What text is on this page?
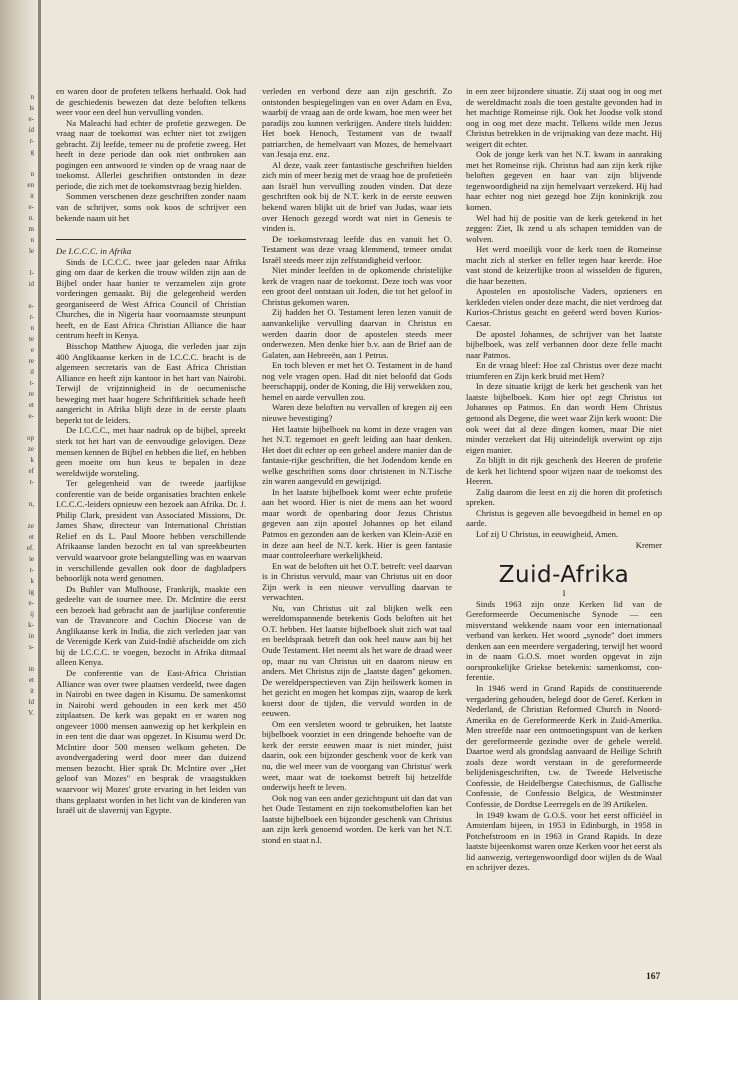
n
ls
e-
id
r-
g

n
en
it
e-
n.
m
n
le

l-
id

e-
r-
n
te
e
re
il
t-
re
et
e-

op
ze
k
ef
r-

n,

ze
et
ef.
ie
r-
k
ig
e-
ij
k-
in
s-

in
et
it
ld
V.

en waren door de profeten telkens herhaald. Ook had de geschiedenis bewezen dat deze beloften telkens weer voor een deel hun vervulling vonden.

Na Maleachi had echter de profetie gezwegen. De vraag naar de toekomst was echter niet tot zwijgen gebracht. Zij leefde, temeer nu de profetie zweeg. Het heeft in deze periode dan ook niet ontbroken aan pogingen een antwoord te vinden op de vraag naar de toekomst. Allerlei geschriften ontstonden in deze periode, die zich met de toekomstvraag bezig hielden.

Sommen verschenen deze geschriften zonder naam van de schrijver, soms ook koos de schrijver een bekende naam uit het

De I.C.C.C. in Afrika

Sinds de I.C.C.C. twee jaar geleden naar Afrika ging om daar de kerken die trouw wilden zijn aan de Bijbel onder haar banier te verzamelen zijn grote vorderingen gemaakt. Bij die gelegenheid werden georganiseerd de West Africa Council of Christian Churches, die in Nigeria haar voornaamste steunpunt heeft, en de East Africa Christian Alliance die haar centrum heeft in Kenya.

Bisschop Matthew Ajuoga, die verleden jaar zijn 400 Anglikaanse kerken in de I.C.C.C. bracht is de algemeen secretaris van de East Africa Christian Alliance en heeft zijn kantoor in het hart van Nairobi. Terwijl de vrijzinnigheid in de oecumenische beweging met haar hogere Schriftkritiek schade heeft aangericht in Afrika blijft deze in de eerste plaats beperkt tot de leiders.

De I.C.C.C., met haar nadruk op de bijbel, spreekt sterk tot het hart van de eenvoudige gelovigen. Deze mensen kennen de Bijbel en hebben die lief, en hebben geen moeite om hun keus te bepalen in deze wereldwijde worsteling.

Ter gelegenheid van de tweede jaarlijkse conferentie van de beide organisaties brachten enkele I.C.C.C.-leiders opnieuw een bezoek aan Afrika. Dr. J. Philip Clark, president van Associated Missions, Dr. James Shaw, directeur van International Christian Relief en ds L. Paul Moore hebben verschillende Afrikaanse landen bezocht en tal van spreekbeurten vervuld waarvoor grote belangstelling was en waarvan in verschillende gevallen ook door de dagbladpers behoorlijk nota werd genomen.

Ds Buhler van Mulhouse, Frankrijk, maakte een gedeelte van de tournee mee. Dr. McIntire die eerst een bezoek had gebracht aan de jaarlijkse conferentie van de Travancore and Cochin Diocese van de Anglikaanse kerk in India, die zich verleden jaar van de Verenigde Kerk van Zuid-Indië afscheidde om zich bij de I.C.C.C. te voegen, bezocht in Afrika ditmaal alleen Kenya.

De conferentie van de East-Africa Christian Alliance was over twee plaatsen verdeeld, twee dagen in Nairobi en twee dagen in Kisumu. De samenkomst in Nairobi werd gehouden in een kerk met 450 zitplaatsen. De kerk was gepakt en er waren nog ongeveer 1000 mensen aanwezig op het kerkplein en in een tent die daar was opgezet. In Kisumu werd Dr. McIntire door 500 mensen welkom geheten. De avondvergadering werd door meer dan duizend mensen bezocht. Hier sprak Dr. McIntire over „Het geloof van Mozes" en besprak de vraagstukken waarvoor wij Mozes' grote ervaring in het leiden van thans geplaatst worden in het licht van de kinderen van Israël uit de slavernij van Egypte.

verleden en verbond deze aan zijn geschrift. Zo ontstonden bespiegelingen van en over Adam en Eva, waarbij de vraag aan de orde kwam, hoe men weer het paradijs zou kunnen verkrijgen. Andere titels luidden: Het boek Henoch, Testament van de twaalf patriarchen, de hemelvaart van Mozes, de hemelvaart van Jesaja enz. enz.

Al deze, vaak zeer fantastische geschriften hielden zich min of meer bezig met de vraag hoe de profetieën aan Israël hun vervulling zouden vinden. Dat deze geschriften ook bij de N.T. kerk in de eerste eeuwen bekend waren blijkt uit de brief van Judas, waar iets over Henoch gezegd wordt wat niet in Genesis te vinden is.

De toekomstvraag leefde dus en vanuit het O. Testament was deze vraag klemmend, temeer omdat Israël steeds meer zijn zelfstandigheid verloor.

Niet minder leefden in de opkomende christelijke kerk de vragen naar de toekomst. Deze toch was voor een groot deel ontstaan uit Joden, die tot het geloof in Christus gekomen waren.

Zij hadden het O. Testament leren lezen vanuit de aanvankelijke vervulling daarvan in Christus en werden daarin door de apostelen steeds meer onderwezen. Men denke hier b.v. aan de Brief aan de Galaten, aan Hebreeën, aan 1 Petrus.

En toch bleven er met het O. Testament in de hand nog vele vragen open. Had dit niet beloofd dat Gods heerschappij, onder de Koning, die Hij verwekken zou, hemel en aarde vervullen zou.

Waren deze beloften nu vervallen of kregen zij een nieuwe bevestiging?

Het laatste bijbelboek nu komt in deze vragen van het N.T. tegemoet en geeft leiding aan haar denken. Het doet dit echter op een geheel andere manier dan de fantasie-rijke geschriften, die het Jodendom kende en welke geschriften soms door christenen in N.T.ische zin waren aangevuld en gewijzigd.

In het laatste bijbelboek komt weer echte profetie aan het woord. Hier is niet de mens aan het woord maar wordt de openbaring door Jezus Christus gegeven aan zijn apostel Johannes op het eiland Patmos en gezonden aan de kerken van Klein-Azië en in deze aan heel de N.T. kerk. Hier is geen fantasie maar controleerbare werkelijkheid.

En wat de beloften uit het O.T. betreft: veel daarvan is in Christus vervuld, maar van Christus uit en door Zijn werk is een nieuwe vervulling daarvan te verwachten.

Nu, van Christus uit zal blijken welk een wereldomspannende betekenis Gods beloften uit het O.T. hebben. Het laatste bijbelboek sluit zich wat taal en beeldspraak betreft dan ook heel nauw aan bij het Oude Testament. Het neemt als het ware de draad weer op, maar nu van Christus uit en daarom nieuw en anders. Met Christus zijn de „laatste dagen" gekomen. De wereldperspectieven van Zijn heilswerk komen in het gezicht en mogen het kompas zijn, waarop de kerk koerst door de tijden, die vervuld worden in de eeuwen.

Om een versleten woord te gebruiken, het laatste bijbelboek voorziet in een dringende behoefte van de kerk der eerste eeuwen maar is niet minder, juist daarin, ook een bijzonder geschenk voor de kerk van nu, die wel meer van de voorgang van Christus' werk weet, maar wat de toekomst betreft bij hetzelfde onderwijs heeft te leven.

Ook nog van een ander gezichtspunt uit dan dat van het Oude Testament en zijn toekomstbeloften kan het laatste bijbelboek een bijzonder geschenk van Christus aan zijn kerk genoemd worden. De kerk van het N.T. stond en staat n.l.

in een zeer bijzondere situatie. Zij staat oog in oog met de wereldmacht zoals die toen gestalte gevonden had in het machtige Romeinse rijk. Ook het Joodse volk stond oog in oog met deze macht. Telkens wilde men Jezus Christus betrekken in de vrijmaking van deze macht. Hij weigert dit echter.

Ook de jonge kerk van het N.T. kwam in aanraking met het Romeinse rijk. Christus had aan zijn kerk rijke beloften gegeven en haar van zijn blijvende tegenwoordigheid na zijn hemelvaart verzekerd. Hij had haar echter nog niet gezegd hoe Zijn koninkrijk zou komen.

Wel had hij de positie van de kerk getekend in het zeggen: Ziet, Ik zend u als schapen temidden van de wolven.

Het werd moeilijk voor de kerk toen de Romeinse macht zich al sterker en feller tegen haar keerde. Hoe vast stond de keizerlijke troon al wisselden de figuren, die haar bezetten.

Apostelen en apostolische Vaders, opzieners en kerkleden vielen onder deze macht, die niet verdroeg dat Kurios-Christus geacht en geëerd werd boven Kurios-Caesar.

De apostel Johannes, de schrijver van het laatste bijbelboek, was zelf verbannen door deze felle macht naar Patmos.

En de vraag bleef: Hoe zal Christus over deze macht triumferen en Zijn kerk bruid met Hem?

In deze situatie krijgt de kerk het geschenk van het laatste bijbelboek. Kom hier op! zegt Christus tot Johannes op Patmos. En dan wordt Hem Christus getoond als Degene, die weet waar Zijn kerk woont: Die ook weet dat al deze dingen komen, maar Die niet minder verzekert dat Hij uiteindelijk overwint op zijn eigen manier.

Zo blijft in dit rijk geschenk des Heeren de profetie de kerk het lichtend spoor wijzen naar de toekomst des Heeren.

Zalig daarom die leest en zij die horen dit profetisch spreken.

Christus is gegeven alle bevoegdheid in hemel en op aarde.

Lof zij U Christus, in eeuwigheid, Amen.

Kremer

Zuid-Afrika

I

Sinds 1963 zijn onze Kerken lid van de Gereformeerde Oecumenische Synode — een misverstand wekkende naam voor een internationaal verband van kerken. Het woord „synode" doet immers denken aan een meerdere vergadering, terwijl het woord in de naam G.O.S. moet worden opgevat in zijn oorspronkelijke Griekse betekenis: samenkomst, con-ferentie.

In 1946 werd in Grand Rapids de constituerende vergadering gehouden, belegd door de Geref. Kerken in Nederland, de Christian Reformed Church in Noord-Amerika en de Gereformeerde Kerk in Zuid-Amerika. Men streefde naar een ontmoetingspunt van de kerken der gereformeerde gezindte over de gehele wereld. Daartoe werd als grondslag aanvaard de Heilige Schrift zoals deze wordt verstaan in de gereformeerde belijdenisgeschriften, t.w. de Tweede Helvetische Confessie, de Heidelbergse Catechismus, de Gallische Confessie, de Confessio Belgica, de Westminster Confessie, de Dordtse Leerregels en de 39 Artikelen.

In 1949 kwam de G.O.S. voor het eerst officiëel in Amsterdam bijeen, in 1953 in Edinburgh, in 1958 in Potchefstroom en in 1963 in Grand Rapids. In deze laatste bijeenkomst waren onze Kerken voor het eerst als lid aanwezig, vertegenwoordigd door wijlen ds de Waal en schrijver dezes.

167
